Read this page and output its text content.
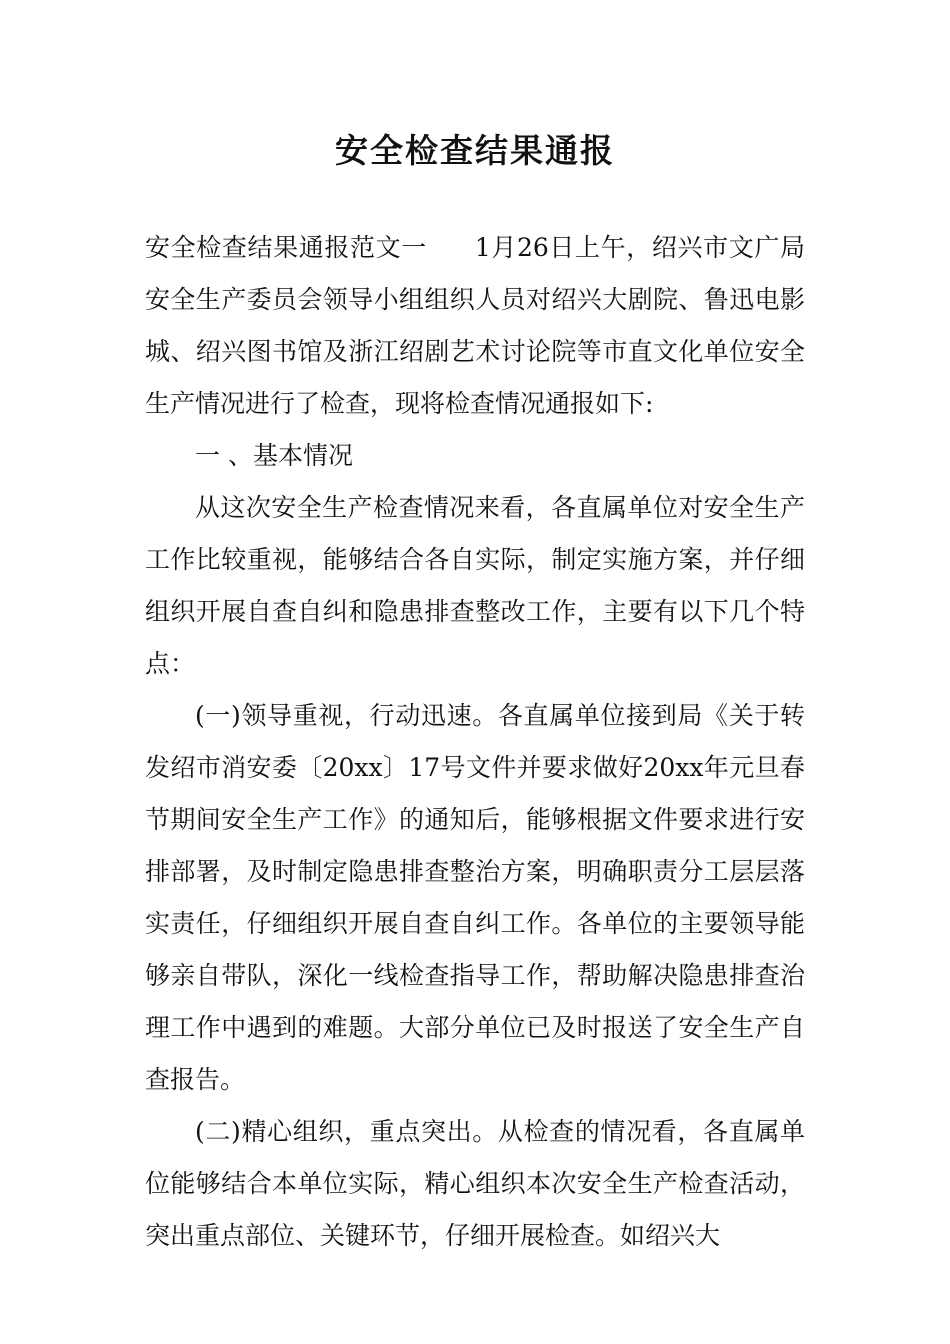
安全检查结果通报

安全检查结果通报范文一 1月26日上午，绍兴市文广局安全生产委员会领导小组组织人员对绍兴大剧院、鲁迅电影城、绍兴图书馆及浙江绍剧艺术讨论院等市直文化单位安全生产情况进行了检查，现将检查情况通报如下:

一 、基本情况

从这次安全生产检查情况来看，各直属单位对安全生产工作比较重视，能够结合各自实际，制定实施方案，并仔细组织开展自查自纠和隐患排查整改工作，主要有以下几个特点：

(一)领导重视，行动迅速。各直属单位接到局《关于转发绍市消安委〔20xx〕17号文件并要求做好20xx年元旦春节期间安全生产工作》的通知后，能够根据文件要求进行安排部署，及时制定隐患排查整治方案，明确职责分工层层落实责任，仔细组织开展自查自纠工作。各单位的主要领导能够亲自带队，深化一线检查指导工作，帮助解决隐患排查治理工作中遇到的难题。大部分单位已及时报送了安全生产自查报告。

(二)精心组织，重点突出。从检查的情况看，各直属单位能够结合本单位实际，精心组织本次安全生产检查活动，突出重点部位、关键环节，仔细开展检查。如绍兴大
